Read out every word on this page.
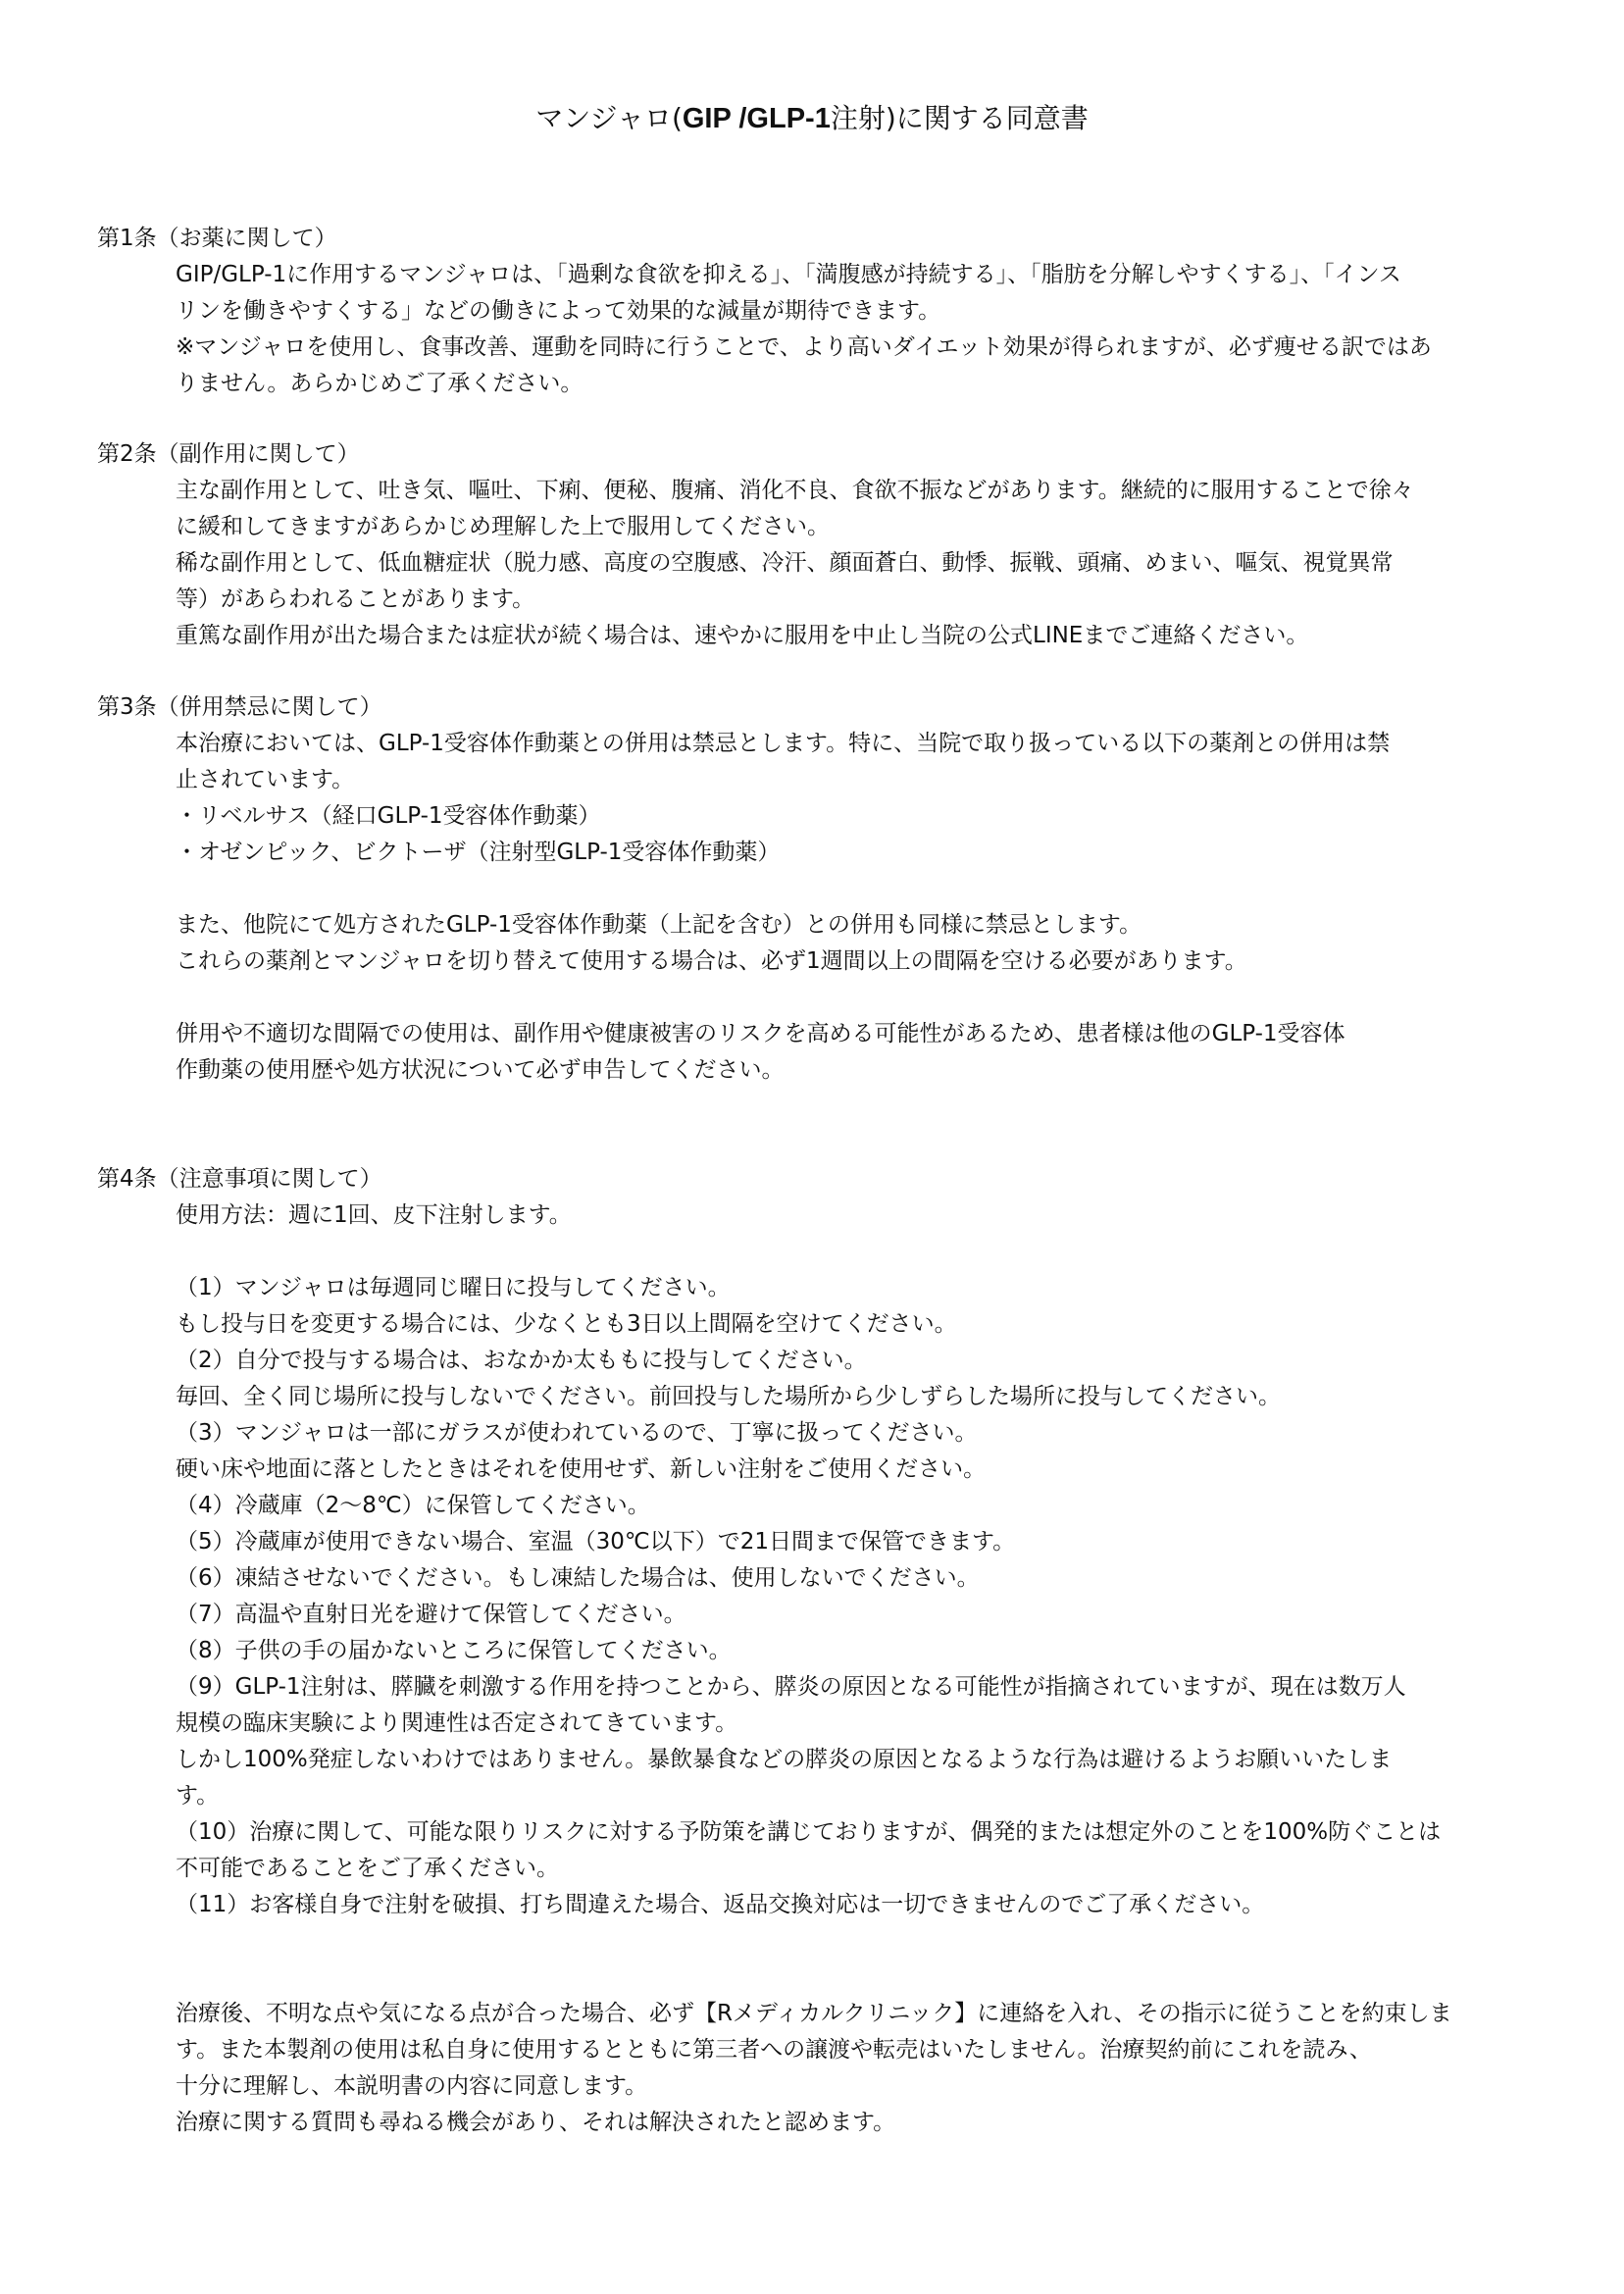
マンジャロ(GIP /GLP-1注射)に関する同意書
第1条（お薬に関して）
GIP/GLP-1に作用するマンジャロは、「過剰な食欲を抑える」、「満腹感が持続する」、「脂肪を分解しやすくする」、「インス
リンを働きやすくする」などの働きによって効果的な減量が期待できます。
※マンジャロを使用し、食事改善、運動を同時に行うことで、より高いダイエット効果が得られますが、必ず痩せる訳ではあ
りません。あらかじめご了承ください。
第2条（副作用に関して）
主な副作用として、吐き気、嘔吐、下痢、便秘、腹痛、消化不良、食欲不振などがあります。継続的に服用することで徐々
に緩和してきますがあらかじめ理解した上で服用してください。
稀な副作用として、低血糖症状（脱力感、高度の空腹感、冷汗、顔面蒼白、動悸、振戦、頭痛、めまい、嘔気、視覚異常
等）があらわれることがあります。
重篤な副作用が出た場合または症状が続く場合は、速やかに服用を中止し当院の公式LINEまでご連絡ください。
第3条（併用禁忌に関して）
本治療においては、GLP-1受容体作動薬との併用は禁忌とします。特に、当院で取り扱っている以下の薬剤との併用は禁
止されています。
・リベルサス（経口GLP-1受容体作動薬）
・オゼンピック、ビクトーザ（注射型GLP-1受容体作動薬）

また、他院にて処方されたGLP-1受容体作動薬（上記を含む）との併用も同様に禁忌とします。
これらの薬剤とマンジャロを切り替えて使用する場合は、必ず1週間以上の間隔を空ける必要があります。

併用や不適切な間隔での使用は、副作用や健康被害のリスクを高める可能性があるため、患者様は他のGLP-1受容体
作動薬の使用歴や処方状況について必ず申告してください。
第4条（注意事項に関して）
使用方法：週に1回、皮下注射します。

（1）マンジャロは毎週同じ曜日に投与してください。
もし投与日を変更する場合には、少なくとも3日以上間隔を空けてください。
（2）自分で投与する場合は、おなかか太ももに投与してください。
毎回、全く同じ場所に投与しないでください。前回投与した場所から少しずらした場所に投与してください。
（3）マンジャロは一部にガラスが使われているので、丁寧に扱ってください。
硬い床や地面に落としたときはそれを使用せず、新しい注射をご使用ください。
（4）冷蔵庫（2～8℃）に保管してください。
（5）冷蔵庫が使用できない場合、室温（30℃以下）で21日間まで保管できます。
（6）凍結させないでください。もし凍結した場合は、使用しないでください。
（7）高温や直射日光を避けて保管してください。
（8）子供の手の届かないところに保管してください。
（9）GLP-1注射は、膵臓を刺激する作用を持つことから、膵炎の原因となる可能性が指摘されていますが、現在は数万人
規模の臨床実験により関連性は否定されてきています。
しかし100%発症しないわけではありません。暴飲暴食などの膵炎の原因となるような行為は避けるようお願いいたしま
す。
（10）治療に関して、可能な限りリスクに対する予防策を講じておりますが、偶発的または想定外のことを100%防ぐことは
不可能であることをご了承ください。
（11）お客様自身で注射を破損、打ち間違えた場合、返品交換対応は一切できませんのでご了承ください。
治療後、不明な点や気になる点が合った場合、必ず【Rメディカルクリニック】に連絡を入れ、その指示に従うことを約束しま
す。また本製剤の使用は私自身に使用するとともに第三者への譲渡や転売はいたしません。治療契約前にこれを読み、
十分に理解し、本説明書の内容に同意します。
治療に関する質問も尋ねる機会があり、それは解決されたと認めます。
